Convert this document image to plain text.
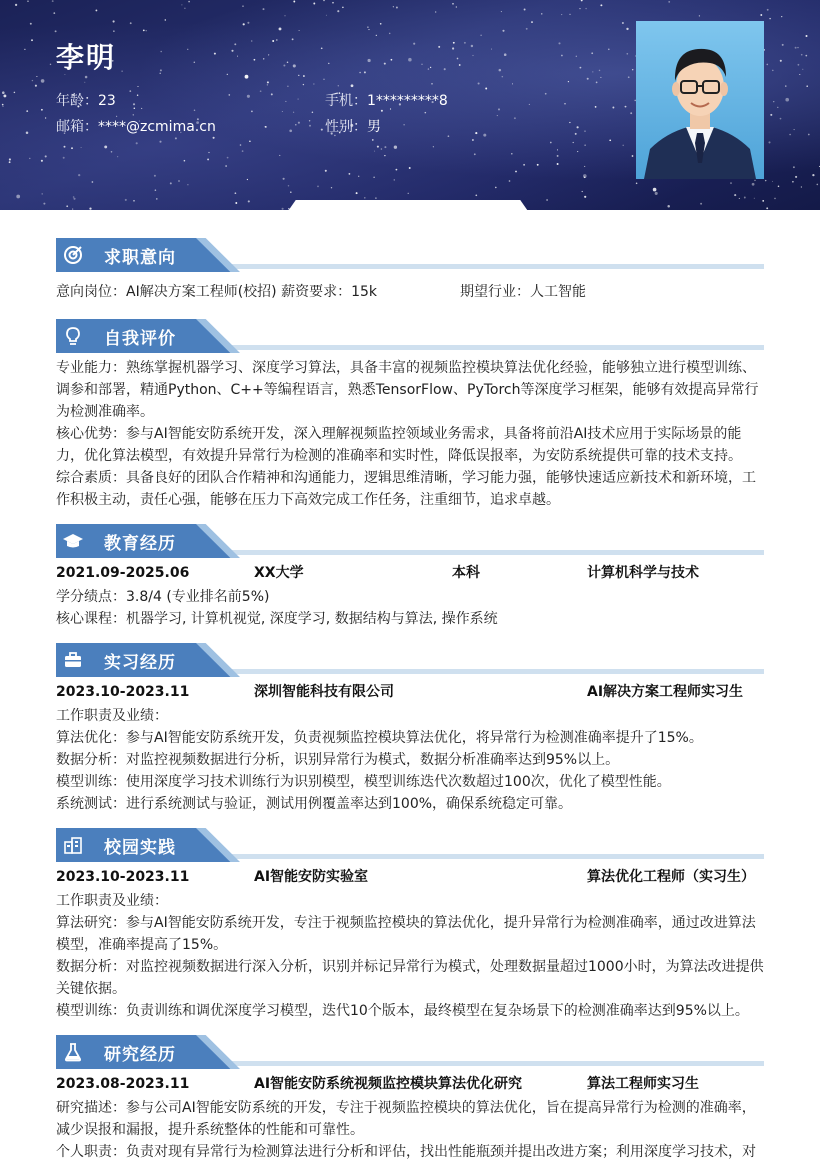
李明
年龄：23	手机：1*********8
邮箱：****@zcmima.cn	性别：男
求职意向
意向岗位：AI解决方案工程师(校招) 薪资要求：15k	期望行业：人工智能
自我评价
专业能力：熟练掌握机器学习、深度学习算法，具备丰富的视频监控模块算法优化经验，能够独立进行模型训练、调参和部署，精通Python、C++等编程语言，熟悉TensorFlow、PyTorch等深度学习框架，能够有效提高异常行为检测准确率。
核心优势：参与AI智能安防系统开发，深入理解视频监控领域业务需求，具备将前沿AI技术应用于实际场景的能力，优化算法模型，有效提升异常行为检测的准确率和实时性，降低误报率，为安防系统提供可靠的技术支持。
综合素质：具备良好的团队合作精神和沟通能力，逻辑思维清晰，学习能力强，能够快速适应新技术和新环境，工作积极主动，责任心强，能够在压力下高效完成工作任务，注重细节，追求卓越。
教育经历
2021.09-2025.06	XX大学	本科	计算机科学与技术
学分绩点：3.8/4 (专业排名前5%)
核心课程：机器学习, 计算机视觉, 深度学习, 数据结构与算法, 操作系统
实习经历
2023.10-2023.11	深圳智能科技有限公司	AI解决方案工程师实习生
工作职责及业绩：
算法优化：参与AI智能安防系统开发，负责视频监控模块算法优化，将异常行为检测准确率提升了15%。
数据分析：对监控视频数据进行分析，识别异常行为模式，数据分析准确率达到95%以上。
模型训练：使用深度学习技术训练行为识别模型，模型训练迭代次数超过100次，优化了模型性能。
系统测试：进行系统测试与验证，测试用例覆盖率达到100%，确保系统稳定可靠。
校园实践
2023.10-2023.11	AI智能安防实验室	算法优化工程师（实习生）
工作职责及业绩：
算法研究：参与AI智能安防系统开发，专注于视频监控模块的算法优化，提升异常行为检测准确率，通过改进算法模型，准确率提高了15%。
数据分析：对监控视频数据进行深入分析，识别并标记异常行为模式，处理数据量超过1000小时，为算法改进提供关键依据。
模型训练：负责训练和调优深度学习模型，迭代10个版本，最终模型在复杂场景下的检测准确率达到95%以上。
研究经历
2023.08-2023.11	AI智能安防系统视频监控模块算法优化研究	算法工程师实习生
研究描述：参与公司AI智能安防系统的开发，专注于视频监控模块的算法优化，旨在提高异常行为检测的准确率，减少误报和漏报，提升系统整体的性能和可靠性。
个人职责：负责对现有异常行为检测算法进行分析和评估，找出性能瓶颈并提出改进方案；利用深度学习技术，对
